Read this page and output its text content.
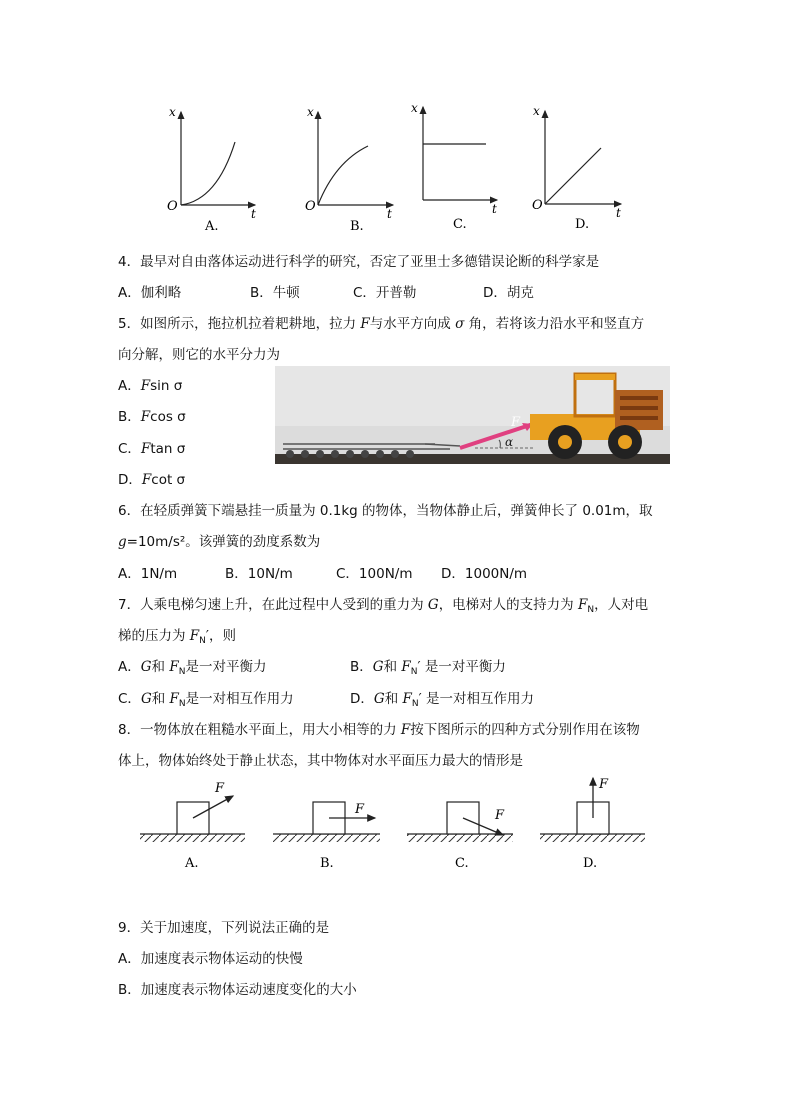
O
x
t
A.
O
x
t
B.
x
t
C.
O
x
t
D.
4．最早对自由落体运动进行科学的研究，否定了亚里士多德错误论断的科学家是
A．伽利略	B．牛顿	C．开普勒	D．胡克
5．如图所示，拖拉机拉着耙耕地，拉力 F与水平方向成 σ 角，若将该力沿水平和竖直方
向分解，则它的水平分力为
A．Fsin σ
B．Fcos σ
C．Ftan σ
D．Fcot σ
F
α
6．在轻质弹簧下端悬挂一质量为 0.1kg 的物体，当物体静止后，弹簧伸长了 0.01m，取
g=10m/s²。该弹簧的劲度系数为
A．1N/m	B．10N/m	C．100N/m D．1000N/m
7．人乘电梯匀速上升，在此过程中人受到的重力为 G，电梯对人的支持力为 $F_N$，人对电
梯的压力为 $F_N'$，则
A．G和 $F_N$是一对平衡力	B．G和 $F_N'$ 是一对平衡力
C．G和 $F_N$是一对相互作用力	D．G和 $F_N'$ 是一对相互作用力
8．一物体放在粗糙水平面上，用大小相等的力 F按下图所示的四种方式分别作用在该物
体上，物体始终处于静止状态，其中物体对水平面压力最大的情形是
F
A.
F
B.
F
C.
F
D.
9．关于加速度，下列说法正确的是
A．加速度表示物体运动的快慢
B．加速度表示物体运动速度变化的大小
